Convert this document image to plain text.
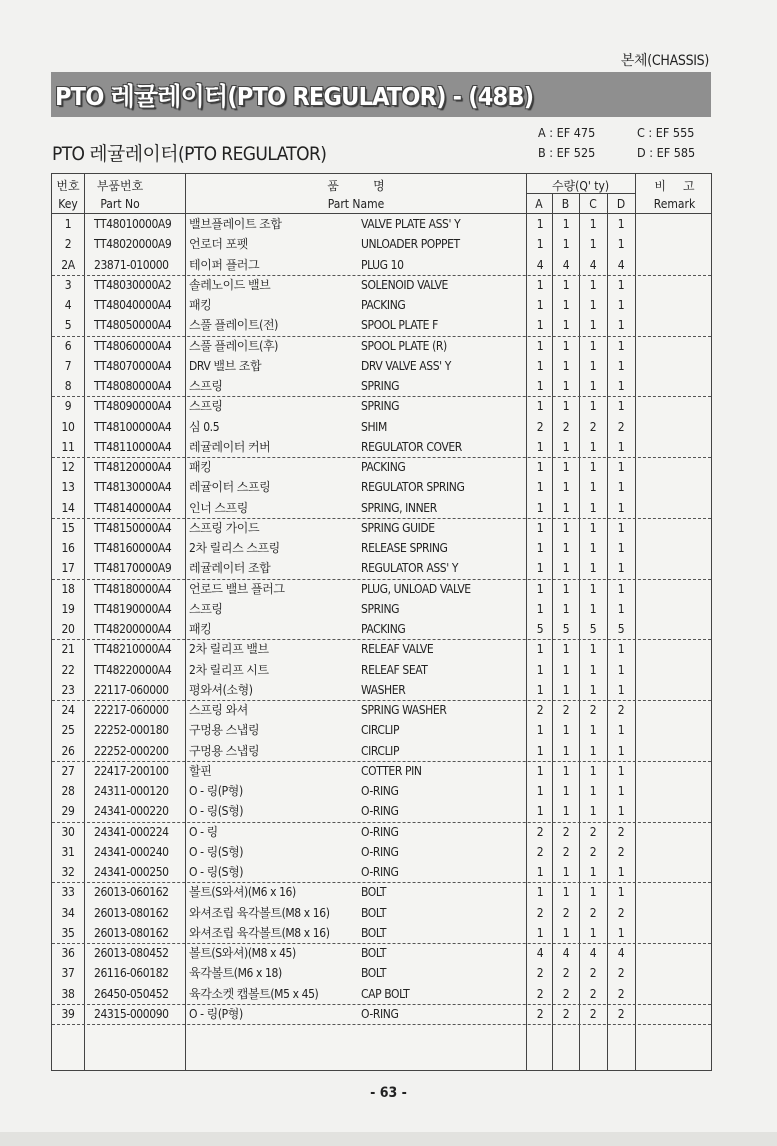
본체(CHASSIS)
PTO 레귤레이터(PTO REGULATOR) - (48B)
PTO 레귤레이터(PTO REGULATOR)
A : EF 475
B : EF 525
C : EF 555
D : EF 585
번호
Key
부품번호
Part No
품          명
Part Name
수량(Q' ty)
A	B	C	D
비     고
Remark
1	TT48010000A9 밸브플레이트 조합	VALVE PLATE ASS' Y	1	1	1	1
2	TT48020000A9 언로더 포펫	UNLOADER POPPET	1	1	1	1
2A	23871-010000 테이퍼 플러그	PLUG 10	4	4	4	4
3	TT48030000A2 솔레노이드 밸브	SOLENOID VALVE	1	1	1	1
4	TT48040000A4 패킹	PACKING	1	1	1	1
5	TT48050000A4 스풀 플레이트(전)	SPOOL PLATE F	1	1	1	1
6	TT48060000A4 스풀 플레이트(후)	SPOOL PLATE (R)	1	1	1	1
7	TT48070000A4 DRV 밸브 조합	DRV VALVE ASS' Y	1	1	1	1
8	TT48080000A4 스프링	SPRING	1	1	1	1
9	TT48090000A4 스프링	SPRING	1	1	1	1
10	TT48100000A4 심 0.5	SHIM	2	2	2	2
11	TT48110000A4 레귤레이터 커버	REGULATOR COVER	1	1	1	1
12	TT48120000A4 패킹	PACKING	1	1	1	1
13	TT48130000A4 레귤이터 스프링	REGULATOR SPRING	1	1	1	1
14	TT48140000A4 인너 스프링	SPRING, INNER	1	1	1	1
15	TT48150000A4 스프링 가이드	SPRING GUIDE	1	1	1	1
16	TT48160000A4 2차 릴리스 스프링	RELEASE SPRING	1	1	1	1
17	TT48170000A9 레귤레이터 조합	REGULATOR ASS' Y	1	1	1	1
18	TT48180000A4 언로드 밸브 플러그	PLUG, UNLOAD VALVE	1	1	1	1
19	TT48190000A4 스프링	SPRING	1	1	1	1
20	TT48200000A4 패킹	PACKING	5	5	5	5
21	TT48210000A4 2차 릴리프 밸브	RELEAF VALVE	1	1	1	1
22	TT48220000A4 2차 릴리프 시트	RELEAF SEAT	1	1	1	1
23	22117-060000 평와셔(소형)	WASHER	1	1	1	1
24	22217-060000 스프링 와셔	SPRING WASHER	2	2	2	2
25	22252-000180 구멍용 스냅링	CIRCLIP	1	1	1	1
26	22252-000200 구멍용 스냅링	CIRCLIP	1	1	1	1
27	22417-200100 할핀	COTTER PIN	1	1	1	1
28	24311-000120 O - 링(P형)	O-RING	1	1	1	1
29	24341-000220 O - 링(S형)	O-RING	1	1	1	1
30	24341-000224 O - 링	O-RING	2	2	2	2
31	24341-000240 O - 링(S형)	O-RING	2	2	2	2
32	24341-000250 O - 링(S형)	O-RING	1	1	1	1
33	26013-060162 볼트(S와셔)(M6 x 16)	BOLT	1	1	1	1
34	26013-080162 와셔조립 육각볼트(M8 x 16)	BOLT	2	2	2	2
35	26013-080162 와셔조립 육각볼트(M8 x 16)	BOLT	1	1	1	1
36	26013-080452 볼트(S와셔)(M8 x 45)	BOLT	4	4	4	4
37	26116-060182 육각볼트(M6 x 18)	BOLT	2	2	2	2
38	26450-050452 육각소켓 캡볼트(M5 x 45)	CAP BOLT	2	2	2	2
39	24315-000090 O - 링(P형)	O-RING	2	2	2	2
- 63 -
